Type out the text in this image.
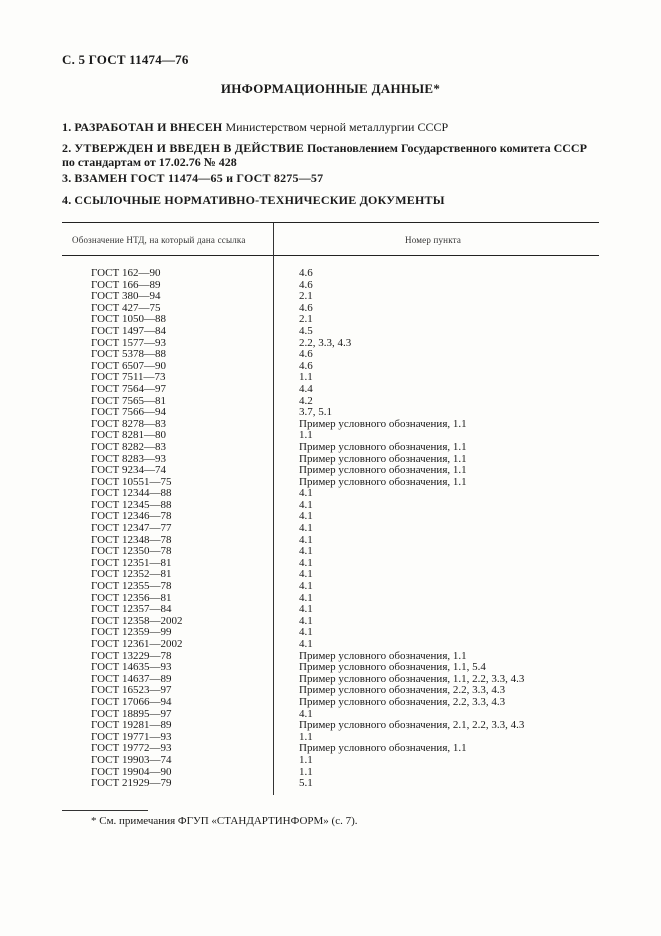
С. 5 ГОСТ 11474—76
ИНФОРМАЦИОННЫЕ ДАННЫЕ*
1. РАЗРАБОТАН И ВНЕСЕН Министерством черной металлургии СССР
2. УТВЕРЖДЕН И ВВЕДЕН В ДЕЙСТВИЕ Постановлением Государственного комитета СССР по стандартам от 17.02.76 № 428
3. ВЗАМЕН ГОСТ 11474—65 и ГОСТ 8275—57
4. ССЫЛОЧНЫЕ НОРМАТИВНО-ТЕХНИЧЕСКИЕ ДОКУМЕНТЫ
Обозначение НТД, на который дана ссылка	Номер пункта
ГОСТ 162—90	4.6
ГОСТ 166—89	4.6
ГОСТ 380—94	2.1
ГОСТ 427—75	4.6
ГОСТ 1050—88	2.1
ГОСТ 1497—84	4.5
ГОСТ 1577—93	2.2, 3.3, 4.3
ГОСТ 5378—88	4.6
ГОСТ 6507—90	4.6
ГОСТ 7511—73	1.1
ГОСТ 7564—97	4.4
ГОСТ 7565—81	4.2
ГОСТ 7566—94	3.7, 5.1
ГОСТ 8278—83	Пример условного обозначения, 1.1
ГОСТ 8281—80	1.1
ГОСТ 8282—83	Пример условного обозначения, 1.1
ГОСТ 8283—93	Пример условного обозначения, 1.1
ГОСТ 9234—74	Пример условного обозначения, 1.1
ГОСТ 10551—75	Пример условного обозначения, 1.1
ГОСТ 12344—88	4.1
ГОСТ 12345—88	4.1
ГОСТ 12346—78	4.1
ГОСТ 12347—77	4.1
ГОСТ 12348—78	4.1
ГОСТ 12350—78	4.1
ГОСТ 12351—81	4.1
ГОСТ 12352—81	4.1
ГОСТ 12355—78	4.1
ГОСТ 12356—81	4.1
ГОСТ 12357—84	4.1
ГОСТ 12358—2002	4.1
ГОСТ 12359—99	4.1
ГОСТ 12361—2002	4.1
ГОСТ 13229—78	Пример условного обозначения, 1.1
ГОСТ 14635—93	Пример условного обозначения, 1.1, 5.4
ГОСТ 14637—89	Пример условного обозначения, 1.1, 2.2, 3.3, 4.3
ГОСТ 16523—97	Пример условного обозначения, 2.2, 3.3, 4.3
ГОСТ 17066—94	Пример условного обозначения, 2.2, 3.3, 4.3
ГОСТ 18895—97	4.1
ГОСТ 19281—89	Пример условного обозначения, 2.1, 2.2, 3.3, 4.3
ГОСТ 19771—93	1.1
ГОСТ 19772—93	Пример условного обозначения, 1.1
ГОСТ 19903—74	1.1
ГОСТ 19904—90	1.1
ГОСТ 21929—79	5.1
* См. примечания ФГУП «СТАНДАРТИНФОРМ» (с. 7).
